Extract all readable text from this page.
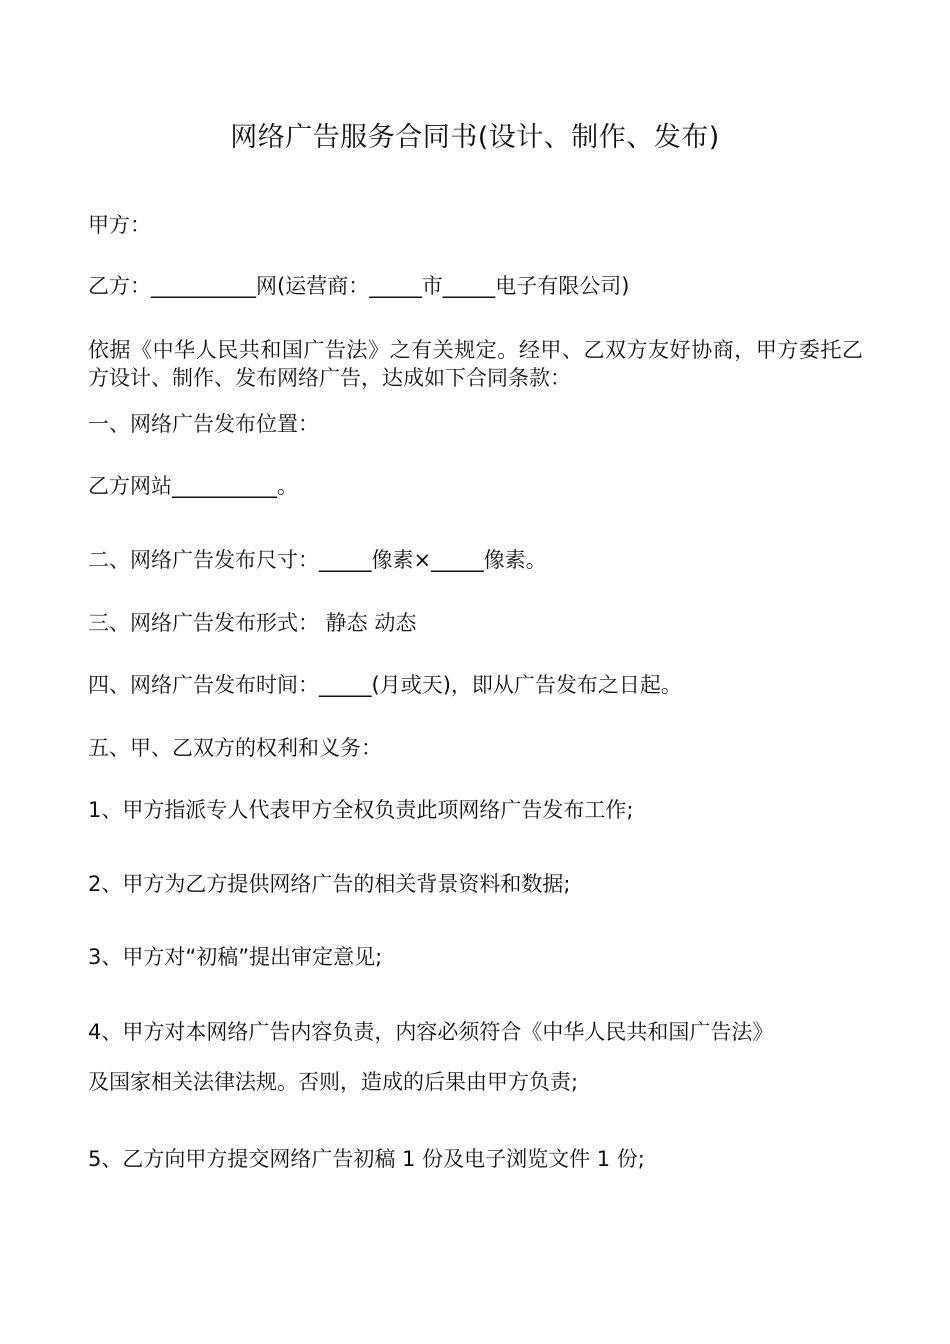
网络广告服务合同书(设计、制作、发布)
甲方：
乙方：__________网(运营商：_____市_____电子有限公司)
依据《中华人民共和国广告法》之有关规定。经甲、乙双方友好协商，甲方委托乙方设计、制作、发布网络广告，达成如下合同条款：
一、网络广告发布位置：
乙方网站__________。
二、网络广告发布尺寸：_____像素×_____像素。
三、网络广告发布形式： 静态 动态
四、网络广告发布时间：_____(月或天)，即从广告发布之日起。
五、甲、乙双方的权利和义务：
1、甲方指派专人代表甲方全权负责此项网络广告发布工作;
2、甲方为乙方提供网络广告的相关背景资料和数据;
3、甲方对“初稿”提出审定意见;
4、甲方对本网络广告内容负责，内容必须符合《中华人民共和国广告法》
及国家相关法律法规。否则，造成的后果由甲方负责;
5、乙方向甲方提交网络广告初稿 1 份及电子浏览文件 1 份;
